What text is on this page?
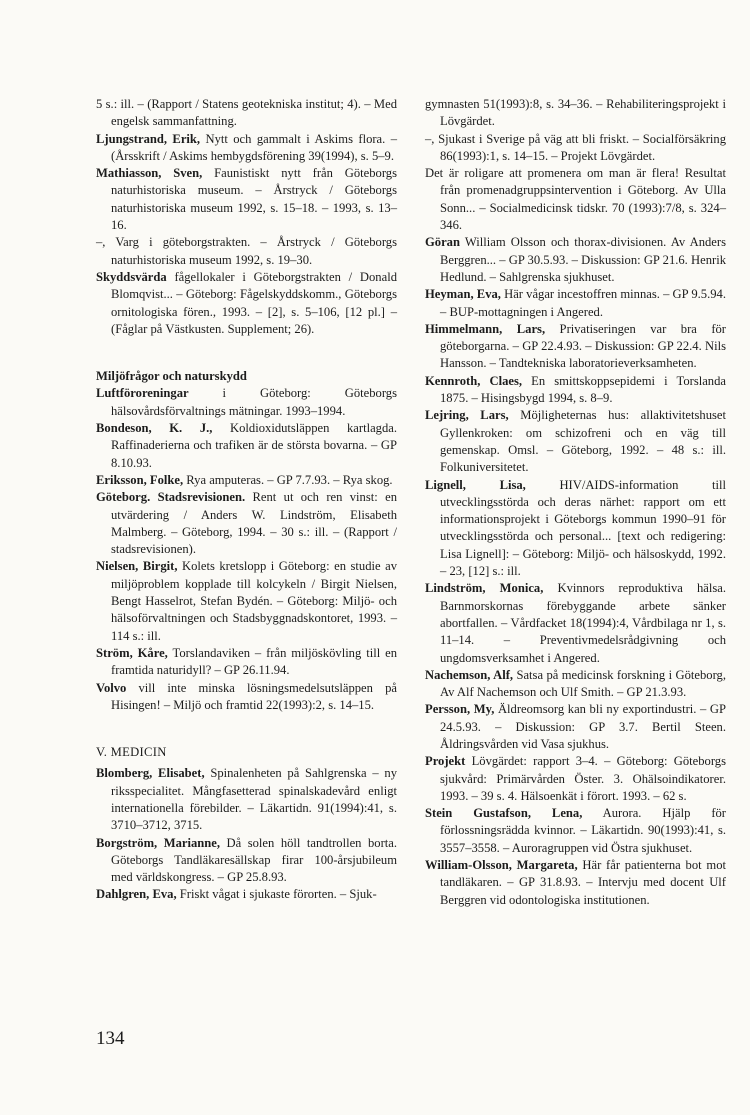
5 s.: ill. – (Rapport / Statens geotekniska institut; 4). – Med engelsk sammanfattning.

Ljungstrand, Erik, Nytt och gammalt i Askims flora. – (Årsskrift / Askims hembygdsförening 39(1994), s. 5–9.

Mathiasson, Sven, Faunistiskt nytt från Göteborgs naturhistoriska museum. – Årstryck / Göteborgs naturhistoriska museum 1992, s. 15–18. – 1993, s. 13–16.

–, Varg i göteborgstrakten. – Årstryck / Göteborgs naturhistoriska museum 1992, s. 19–30.

Skyddsvärda fågellokaler i Göteborgstrakten / Donald Blomqvist... – Göteborg: Fågelskyddskomm., Göteborgs ornitologiska fören., 1993. – [2], s. 5–106, [12 pl.] – (Fåglar på Västkusten. Supplement; 26).

Miljöfrågor och naturskydd

Luftföroreningar i Göteborg: Göteborgs hälsovårdsförvaltnings mätningar. 1993–1994.

Bondeson, K. J., Koldioxidutsläppen kartlagda. Raffinaderierna och trafiken är de största bovarna. – GP 8.10.93.

Eriksson, Folke, Rya amputeras. – GP 7.7.93. – Rya skog.

Göteborg. Stadsrevisionen. Rent ut och ren vinst: en utvärdering / Anders W. Lindström, Elisabeth Malmberg. – Göteborg, 1994. – 30 s.: ill. – (Rapport / stadsrevisionen).

Nielsen, Birgit, Kolets kretslopp i Göteborg: en studie av miljöproblem kopplade till kolcykeln / Birgit Nielsen, Bengt Hasselrot, Stefan Bydén. – Göteborg: Miljö- och hälsoförvaltningen och Stadsbyggnadskontoret, 1993. – 114 s.: ill.

Ström, Kåre, Torslandaviken – från miljöskövling till en framtida naturidyll? – GP 26.11.94.

Volvo vill inte minska lösningsmedelsutsläppen på Hisingen! – Miljö och framtid 22(1993):2, s. 14–15.

V. MEDICIN

Blomberg, Elisabet, Spinalenheten på Sahlgrenska – ny riksspecialitet. Mångfasetterad spinalskadevård enligt internationella förebilder. – Läkartidn. 91(1994):41, s. 3710–3712, 3715.

Borgström, Marianne, Då solen höll tandtrollen borta. Göteborgs Tandläkaresällskap firar 100-årsjubileum med världskongress. – GP 25.8.93.

Dahlgren, Eva, Friskt vågat i sjukaste förorten. – Sjuk-

gymnasten 51(1993):8, s. 34–36. – Rehabiliteringsprojekt i Lövgärdet.

–, Sjukast i Sverige på väg att bli friskt. – Socialförsäkring 86(1993):1, s. 14–15. – Projekt Lövgärdet.

Det är roligare att promenera om man är flera! Resultat från promenadgruppsintervention i Göteborg. Av Ulla Sonn... – Socialmedicinsk tidskr. 70 (1993):7/8, s. 324–346.

Göran William Olsson och thorax-divisionen. Av Anders Berggren... – GP 30.5.93. – Diskussion: GP 21.6. Henrik Hedlund. – Sahlgrenska sjukhuset.

Heyman, Eva, Här vågar incestoffren minnas. – GP 9.5.94. – BUP-mottagningen i Angered.

Himmelmann, Lars, Privatiseringen var bra för göteborgarna. – GP 22.4.93. – Diskussion: GP 22.4. Nils Hansson. – Tandtekniska laboratorieverksamheten.

Kennroth, Claes, En smittskoppsepidemi i Torslanda 1875. – Hisingsbygd 1994, s. 8–9.

Lejring, Lars, Möjligheternas hus: allaktivitetshuset Gyllenkroken: om schizofreni och en väg till gemenskap. Omsl. – Göteborg, 1992. – 48 s.: ill. Folkuniversitetet.

Lignell, Lisa, HIV/AIDS-information till utvecklingsstörda och deras närhet: rapport om ett informationsprojekt i Göteborgs kommun 1990–91 för utvecklingsstörda och personal... [text och redigering: Lisa Lignell]: – Göteborg: Miljö- och hälsoskydd, 1992. – 23, [12] s.: ill.

Lindström, Monica, Kvinnors reproduktiva hälsa. Barnmorskornas förebyggande arbete sänker abortfallen. – Vårdfacket 18(1994):4, Vårdbilaga nr 1, s. 11–14. – Preventivmedelsrådgivning och ungdomsverksamhet i Angered.

Nachemson, Alf, Satsa på medicinsk forskning i Göteborg, Av Alf Nachemson och Ulf Smith. – GP 21.3.93.

Persson, My, Äldreomsorg kan bli ny exportindustri. – GP 24.5.93. – Diskussion: GP 3.7. Bertil Steen. Åldringsvården vid Vasa sjukhus.

Projekt Lövgärdet: rapport 3–4. – Göteborg: Göteborgs sjukvård: Primärvården Öster. 3. Ohälsoindikatorer. 1993. – 39 s. 4. Hälsoenkät i förort. 1993. – 62 s.

Stein Gustafson, Lena, Aurora. Hjälp för förlossningsrädda kvinnor. – Läkartidn. 90(1993):41, s. 3557–3558. – Auroragruppen vid Östra sjukhuset.

William-Olsson, Margareta, Här får patienterna bot mot tandläkaren. – GP 31.8.93. – Intervju med docent Ulf Berggren vid odontologiska institutionen.

134
